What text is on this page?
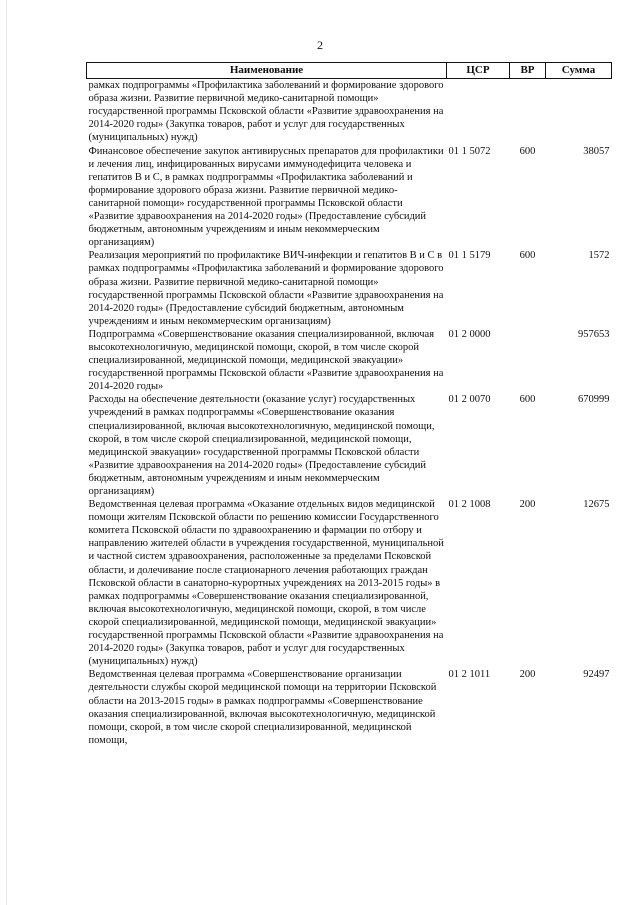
2
Наименование	ЦСР	ВР	Сумма
рамках подпрограммы «Профилактика заболеваний и формирование здорового образа жизни. Развитие первичной медико-санитарной помощи» государственной программы Псковской области «Развитие здравоохранения на 2014-2020 годы» (Закупка товаров, работ и услуг для государственных (муниципальных) нужд)			
Финансовое обеспечение закупок антивирусных препаратов для профилактики и лечения лиц, инфицированных вирусами иммунодефицита человека и гепатитов В и С, в рамках подпрограммы «Профилактика заболеваний и формирование здорового образа жизни. Развитие первичной медико-санитарной помощи» государственной программы Псковской области «Развитие здравоохранения на 2014-2020 годы» (Предоставление субсидий бюджетным, автономным учреждениям и иным некоммерческим организациям)	01 1 5072	600	38057
Реализация мероприятий по профилактике ВИЧ-инфекции и гепатитов В и С в рамках подпрограммы «Профилактика заболеваний и формирование здорового образа жизни. Развитие первичной медико-санитарной помощи» государственной программы Псковской области «Развитие здравоохранения на 2014-2020 годы» (Предоставление субсидий бюджетным, автономным учреждениям и иным некоммерческим организациям)	01 1 5179	600	1572
Подпрограмма «Совершенствование оказания специализированной, включая высокотехнологичную, медицинской помощи, скорой, в том числе скорой специализированной, медицинской помощи, медицинской эвакуации» государственной программы Псковской области «Развитие здравоохранения на 2014-2020 годы»	01 2 0000		957653
Расходы на обеспечение деятельности (оказание услуг) государственных учреждений в рамках подпрограммы «Совершенствование оказания специализированной, включая высокотехнологичную, медицинской помощи, скорой, в том числе скорой специализированной, медицинской помощи, медицинской эвакуации» государственной программы Псковской области «Развитие здравоохранения на 2014-2020 годы» (Предоставление субсидий бюджетным, автономным учреждениям и иным некоммерческим организациям)	01 2 0070	600	670999
Ведомственная целевая программа «Оказание отдельных видов медицинской помощи жителям Псковской области по решению комиссии Государственного комитета Псковской области по здравоохранению и фармации по отбору и направлению жителей области в учреждения государственной, муниципальной и частной систем здравоохранения, расположенные за пределами Псковской области, и долечивание после стационарного лечения работающих граждан Псковской области в санаторно-курортных учреждениях на 2013-2015 годы» в рамках подпрограммы «Совершенствование оказания специализированной, включая высокотехнологичную, медицинской помощи, скорой, в том числе скорой специализированной, медицинской помощи, медицинской эвакуации» государственной программы Псковской области «Развитие здравоохранения на 2014-2020 годы» (Закупка товаров, работ и услуг для государственных (муниципальных) нужд)	01 2 1008	200	12675
Ведомственная целевая программа «Совершенствование организации деятельности службы скорой медицинской помощи на территории Псковской области на 2013-2015 годы» в рамках подпрограммы «Совершенствование оказания специализированной, включая высокотехнологичную, медицинской помощи, скорой, в том числе скорой специализированной, медицинской помощи,	01 2 1011	200	92497
